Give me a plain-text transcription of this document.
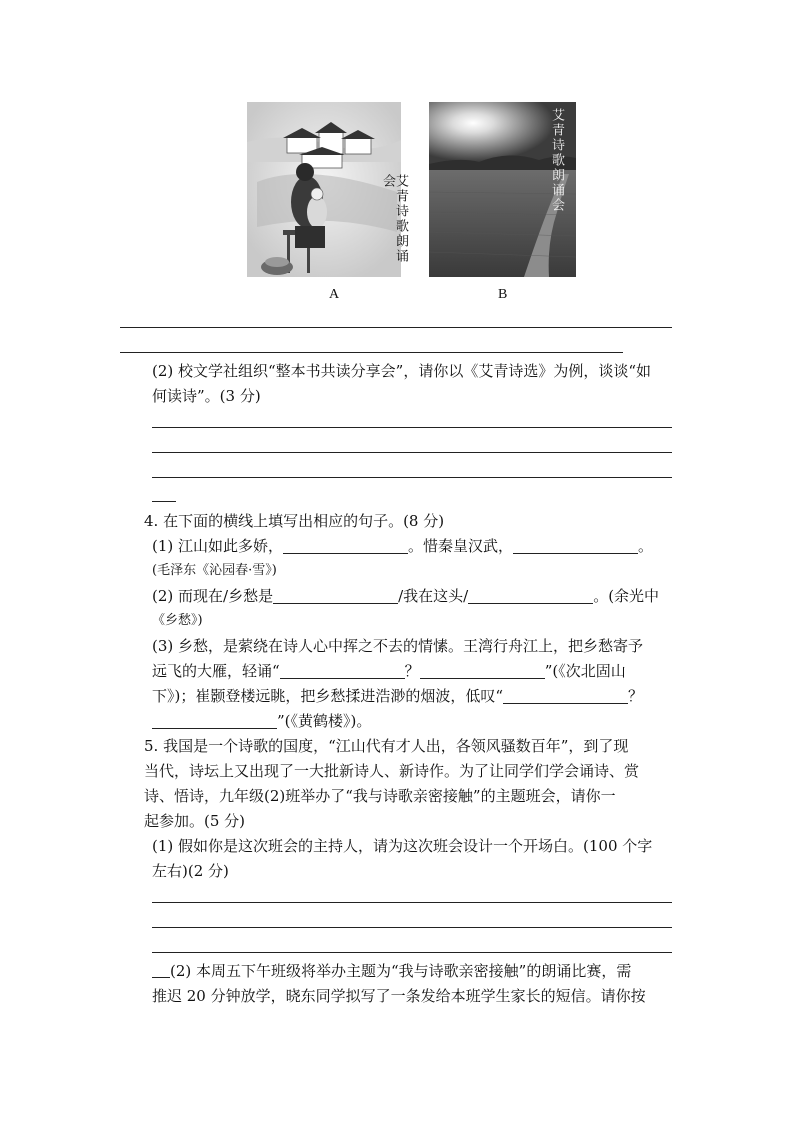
艾青诗歌朗诵会
A
艾青诗歌朗诵会
B
(2) 校文学社组织“整本书共读分享会”，请你以《艾青诗选》为例，谈谈“如
何读诗”。(3 分)
4. 在下面的横线上填写出相应的句子。(8 分)
(1) 江山如此多娇，	。惜秦皇汉武，	。
(毛泽东《沁园春·雪》)
(2) 而现在/乡愁是	/我在这头/	。(余光中
《乡愁》)
(3) 乡愁，是萦绕在诗人心中挥之不去的情愫。王湾行舟江上，把乡愁寄予
远飞的大雁，轻诵“	？	”(《次北固山
下》)；崔颢登楼远眺，把乡愁揉进浩渺的烟波，低叹“	？
”(《黄鹤楼》)。
5. 我国是一个诗歌的国度，“江山代有才人出，各领风骚数百年”，到了现
当代，诗坛上又出现了一大批新诗人、新诗作。为了让同学们学会诵诗、赏
诗、悟诗，九年级(2)班举办了“我与诗歌亲密接触”的主题班会，请你一
起参加。(5 分)
(1) 假如你是这次班会的主持人，请为这次班会设计一个开场白。(100 个字
左右)(2 分)
(2) 本周五下午班级将举办主题为“我与诗歌亲密接触”的朗诵比赛，需
推迟 20 分钟放学，晓东同学拟写了一条发给本班学生家长的短信。请你按
